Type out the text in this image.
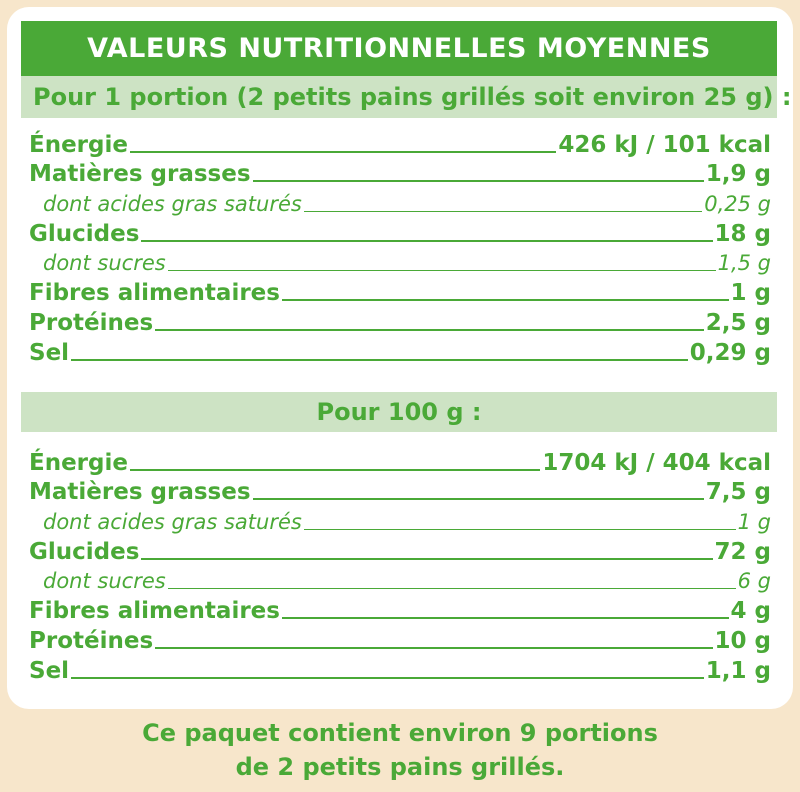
VALEURS NUTRITIONNELLES MOYENNES
Pour 1 portion (2 petits pains grillés soit environ 25 g) :
Énergie	426 kJ / 101 kcal
Matières grasses	1,9 g
dont acides gras saturés	0,25 g
Glucides	18 g
dont sucres	1,5 g
Fibres alimentaires	1 g
Protéines	2,5 g
Sel	0,29 g
Pour 100 g :
Énergie	1704 kJ / 404 kcal
Matières grasses	7,5 g
dont acides gras saturés	1 g
Glucides	72 g
dont sucres	6 g
Fibres alimentaires	4 g
Protéines	10 g
Sel	1,1 g
Ce paquet contient environ 9 portions
de 2 petits pains grillés.
